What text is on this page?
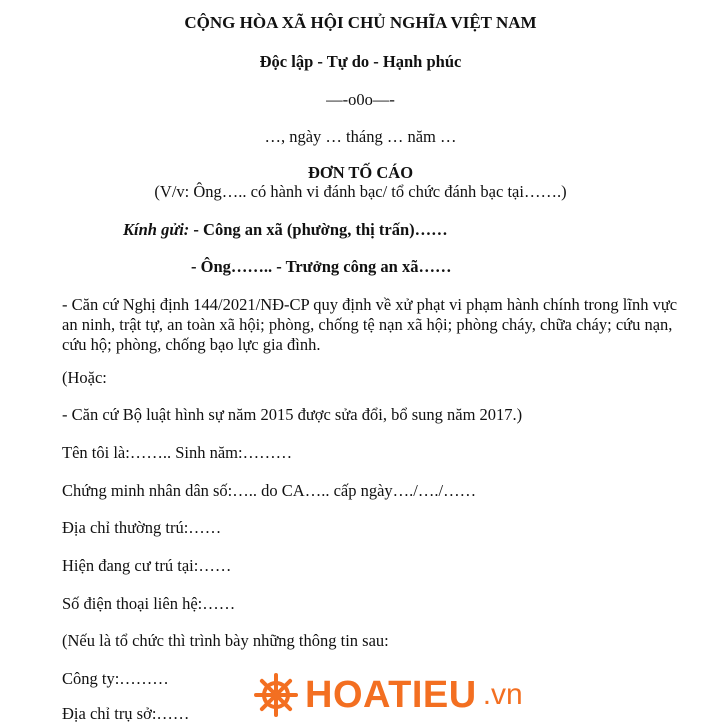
CỘNG HÒA XÃ HỘI CHỦ NGHĨA VIỆT NAM
Độc lập - Tự do - Hạnh phúc
—-o0o—-
…, ngày … tháng … năm …
ĐƠN TỐ CÁO
(V/v: Ông….. có hành vi đánh bạc/ tổ chức đánh bạc tại…….)
Kính gửi: - Công an xã (phường, thị trấn)……
- Ông…….. - Trưởng công an xã……
- Căn cứ Nghị định 144/2021/NĐ-CP quy định về xử phạt vi phạm hành chính trong lĩnh vực an ninh, trật tự, an toàn xã hội; phòng, chống tệ nạn xã hội; phòng cháy, chữa cháy; cứu nạn, cứu hộ; phòng, chống bạo lực gia đình.
(Hoặc:
- Căn cứ Bộ luật hình sự năm 2015 được sửa đổi, bổ sung năm 2017.)
Tên tôi là:…….. Sinh năm:………
Chứng minh nhân dân số:….. do CA….. cấp ngày…./…./……
Địa chỉ thường trú:……
Hiện đang cư trú tại:……
Số điện thoại liên hệ:……
(Nếu là tổ chức thì trình bày những thông tin sau:
Công ty:………
Địa chỉ trụ sở:……	HOATIEU .vn
